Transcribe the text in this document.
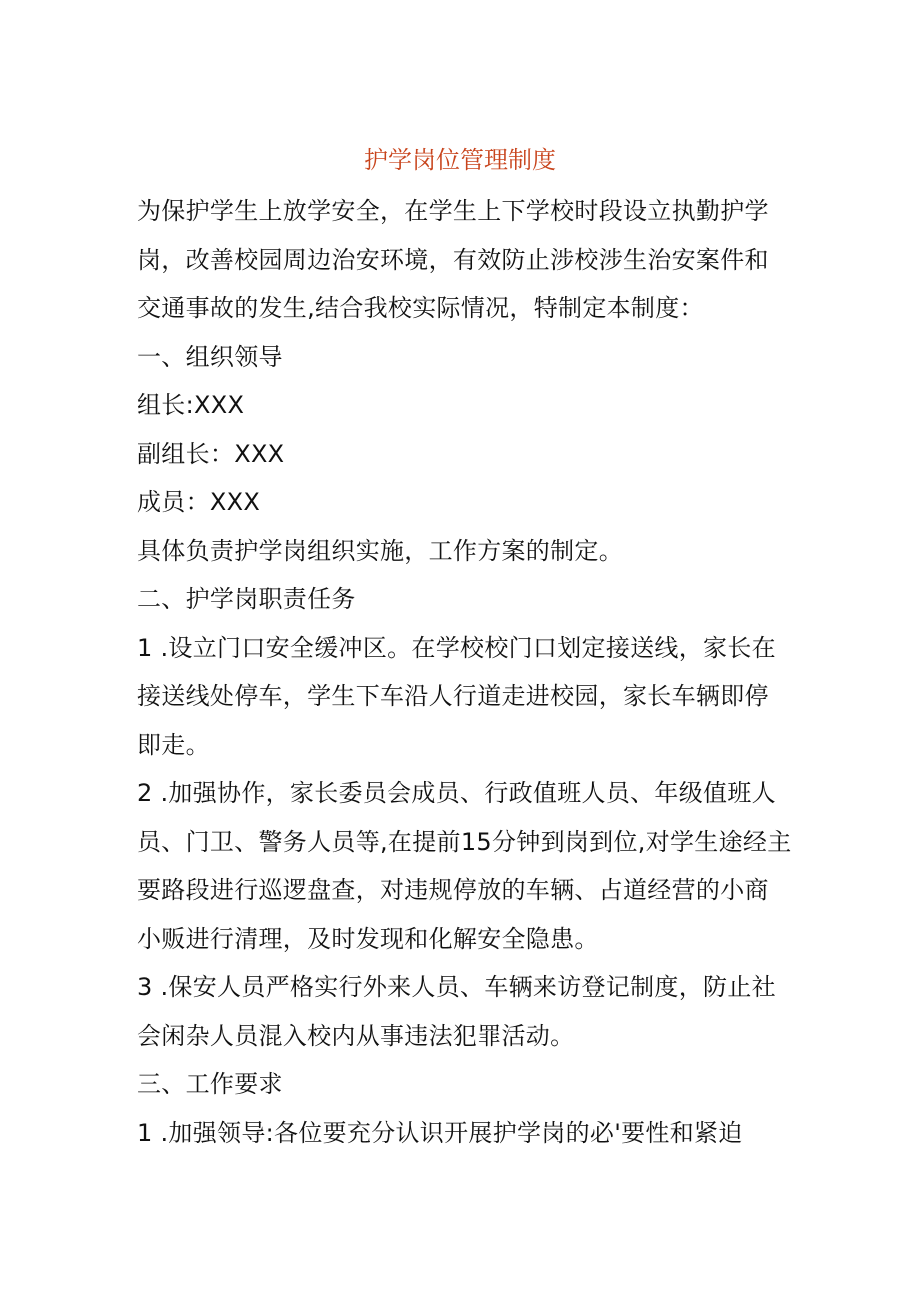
护学岗位管理制度
为保护学生上放学安全，在学生上下学校时段设立执勤护学
岗，改善校园周边治安环境，有效防止涉校涉生治安案件和
交通事故的发生,结合我校实际情况，特制定本制度：
一、组织领导
组长:XXX
副组长：XXX
成员：XXX
具体负责护学岗组织实施，工作方案的制定。
二、护学岗职责任务
1 .设立门口安全缓冲区。在学校校门口划定接送线，家长在
接送线处停车，学生下车沿人行道走进校园，家长车辆即停
即走。
2 .加强协作，家长委员会成员、行政值班人员、年级值班人
员、门卫、警务人员等,在提前15分钟到岗到位,对学生途经主
要路段进行巡逻盘查，对违规停放的车辆、占道经营的小商
小贩进行清理，及时发现和化解安全隐患。
3 .保安人员严格实行外来人员、车辆来访登记制度，防止社
会闲杂人员混入校内从事违法犯罪活动。
三、工作要求
1 .加强领导:各位要充分认识开展护学岗的必'要性和紧迫
